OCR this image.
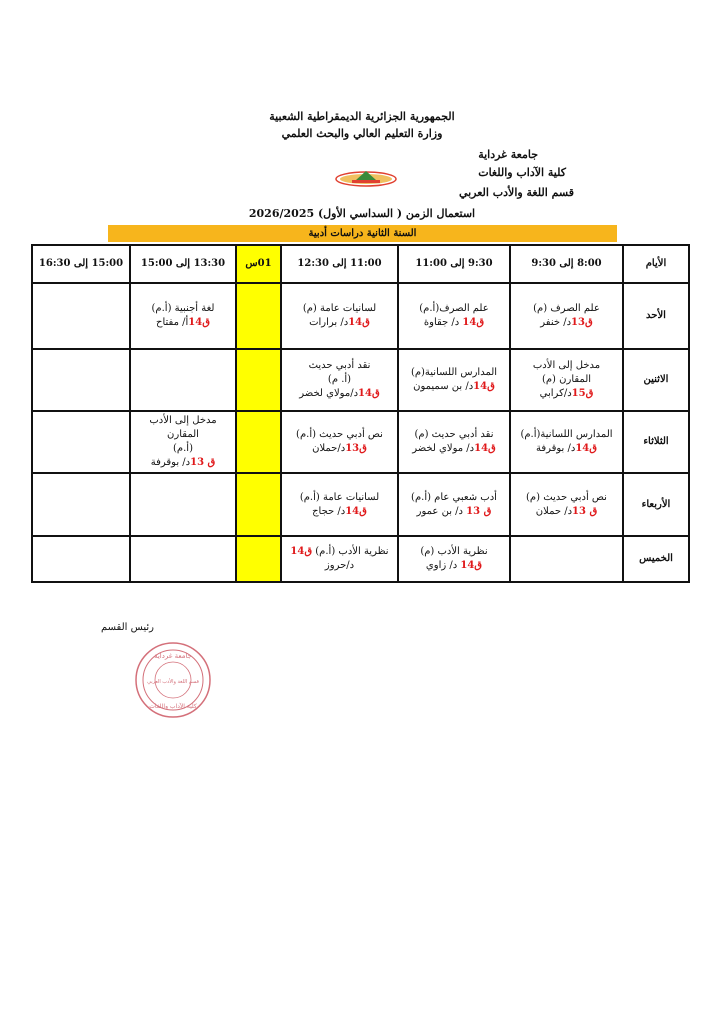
الجمهورية الجزائرية الديمقراطية الشعبية
وزارة التعليم العالي والبحث العلمي
جامعة غرداية
كلية الآداب واللغات
قسم اللغة والأدب العربي
استعمال الزمن ( السداسي الأول) 2026/2025
السنة الثانية دراسات أدبية
الأيام	8:00 إلى 9:30	9:30 إلى 11:00	11:00 إلى 12:30	01س	13:30 إلى 15:00	15:00 إلى 16:30
الأحد	علم الصرف (م)
ق13د/ خنفر	علم الصرف(أ.م)
ق14 د/ جقاوة	لسانيات عامة (م)
ق14د/ برارات		لغة أجنبية (أ.م)
ق14أ/ مفتاح	

الاثنين	مدخل إلى الأدب
المقارن (م)
ق15د/كرابي	المدارس اللسانية(م)
ق14د/ بن سميمون	نقد أدبي حديث
(أ. م)
ق14د/مولاي لخضر			

الثلاثاء	المدارس اللسانية(أ.م)
ق14د/ بوقرفة	نقد أدبي حديث (م)
ق14د/ مولاي لخضر	نص أدبي حديث (أ.م)
ق13د/حملان		مدخل إلى الأدب المقارن
(أ.م)
ق 13د/ بوقرفة	

الأربعاء	نص أدبي حديث (م)
ق 13د/ حملان	أدب شعبي عام (أ.م)
ق 13 د/ بن عمور	لسانيات عامة (أ.م)
ق14د/ حجاج			

الخميس		نظرية الأدب (م)
ق14 د/ زاوي	نظرية الأدب (أ.م) ق14
د/حروز			

رئيس القسم
جامعة غرداية
قسم اللغة والأدب العربي
كلية الآداب واللغات
